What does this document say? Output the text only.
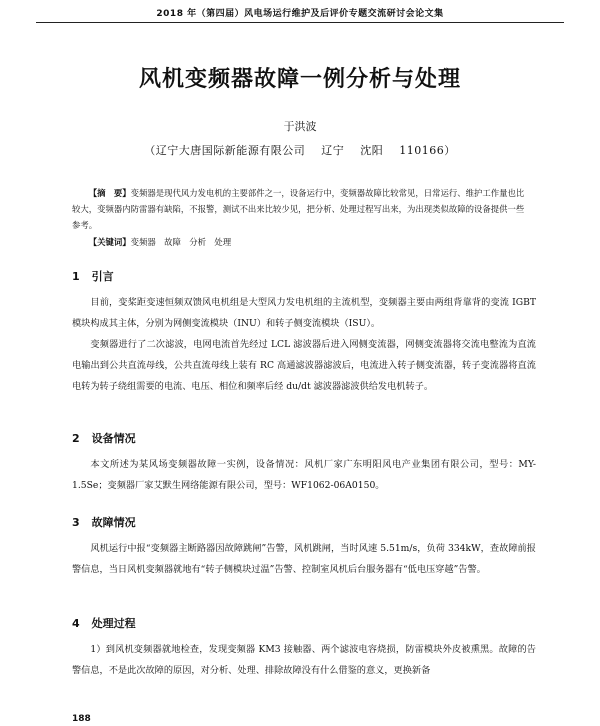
2018 年（第四届）风电场运行维护及后评价专题交流研讨会论文集
风机变频器故障一例分析与处理
于洪波
（辽宁大唐国际新能源有限公司 辽宁 沈阳 110166）
【摘　要】变频器是现代风力发电机的主要部件之一，设备运行中，变频器故障比较常见，日常运行、维护工作量也比较大，变频器内防雷器有缺陷，不报警，测试不出来比较少见，把分析、处理过程写出来，为出现类似故障的设备提供一些参考。
【关键词】变频器　故障　分析　处理
1 引言
目前，变桨距变速恒频双馈风电机组是大型风力发电机组的主流机型，变频器主要由两组背靠背的变流 IGBT 模块构成其主体，分别为网侧变流模块（INU）和转子侧变流模块（ISU）。
变频器进行了二次滤波，电网电流首先经过 LCL 滤波器后进入网侧变流器，网侧变流器将交流电整流为直流电输出到公共直流母线，公共直流母线上装有 RC 高通滤波器滤波后，电流进入转子侧变流器，转子变流器将直流电转为转子绕组需要的电流、电压、相位和频率后经 du/dt 滤波器滤波供给发电机转子。
2 设备情况
本文所述为某风场变频器故障一实例，设备情况：风机厂家广东明阳风电产业集团有限公司，型号：MY-1.5Se；变频器厂家艾默生网络能源有限公司，型号：WF1062-06A0150。
3 故障情况
风机运行中报“变频器主断路器因故障跳闸”告警，风机跳闸，当时风速 5.51m/s，负荷 334kW，查故障前报警信息，当日风机变频器就地有“转子侧模块过温”告警、控制室风机后台服务器有“低电压穿越”告警。
4 处理过程
1）到风机变频器就地检查，发现变频器 KM3 接触器、两个滤波电容烧损，防雷模块外皮被熏黑。故障的告警信息，不是此次故障的原因，对分析、处理、排除故障没有什么借鉴的意义，更换新备
188
